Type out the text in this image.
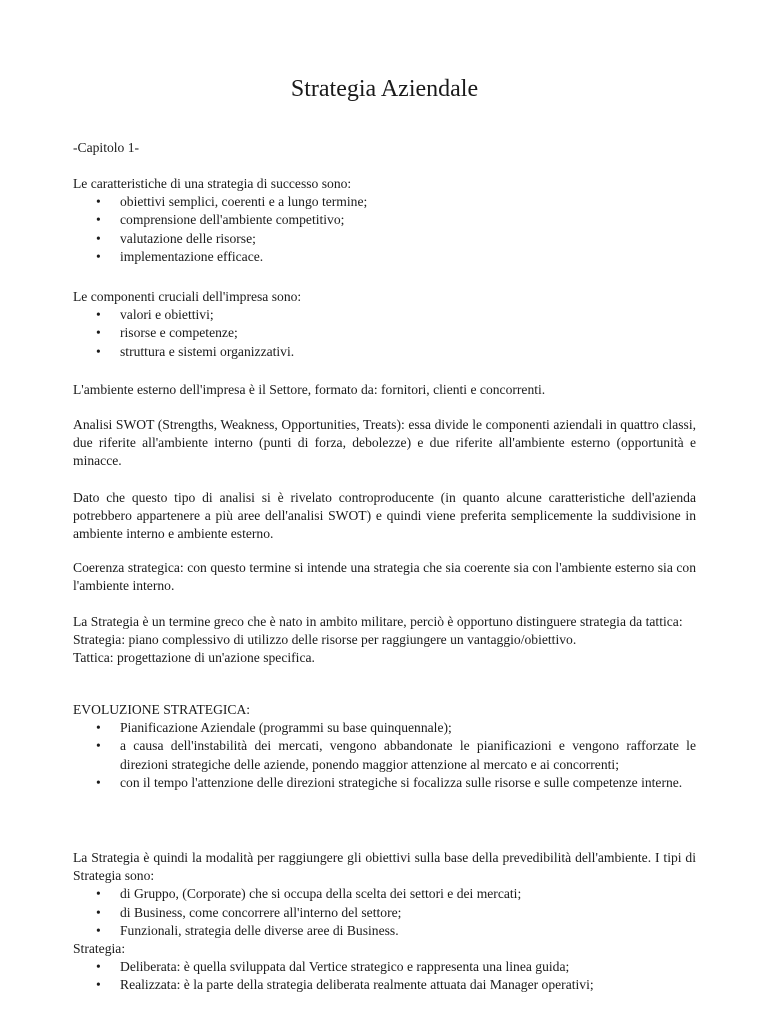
Strategia Aziendale
-Capitolo 1-

Le caratteristiche di una strategia di successo sono:

• obiettivi semplici, coerenti e a lungo termine;
• comprensione dell'ambiente competitivo;
• valutazione delle risorse;
• implementazione efficace.

Le componenti cruciali dell'impresa sono:

• valori e obiettivi;
• risorse e competenze;
• struttura e sistemi organizzativi.
L'ambiente esterno dell'impresa è il Settore, formato da: fornitori, clienti e concorrenti.
Analisi SWOT (Strengths, Weakness, Opportunities, Treats): essa divide le componenti aziendali in quattro classi, due riferite all'ambiente interno (punti di forza, debolezze) e due riferite all'ambiente esterno (opportunità e minacce.
Dato che questo tipo di analisi si è rivelato controproducente (in quanto alcune caratteristiche dell'azienda potrebbero appartenere a più aree dell'analisi SWOT) e quindi viene preferita semplicemente la suddivisione in ambiente interno e ambiente esterno.
Coerenza strategica: con questo termine si intende una strategia che sia coerente sia con l'ambiente esterno sia con l'ambiente interno.

La Strategia è un termine greco che è nato in ambito militare, perciò è opportuno distinguere strategia da tattica:

Strategia: piano complessivo di utilizzo delle risorse per raggiungere un vantaggio/obiettivo.

Tattica: progettazione di un'azione specifica.

EVOLUZIONE STRATEGICA:

• Pianificazione Aziendale (programmi su base quinquennale);
• a causa dell'instabilità dei mercati, vengono abbandonate le pianificazioni e vengono rafforzate le direzioni strategiche delle aziende, ponendo maggior attenzione al mercato e ai concorrenti;
• con il tempo l'attenzione delle direzioni strategiche si focalizza sulle risorse e sulle competenze interne.

La Strategia è quindi la modalità per raggiungere gli obiettivi sulla base della prevedibilità dell'ambiente. I tipi di Strategia sono:

• di Gruppo, (Corporate) che si occupa della scelta dei settori e dei mercati;
• di Business, come concorrere all'interno del settore;
• Funzionali, strategia delle diverse aree di Business.

Strategia:

• Deliberata: è quella sviluppata dal Vertice strategico e rappresenta una linea guida;
• Realizzata: è la parte della strategia deliberata realmente attuata dai Manager operativi;
